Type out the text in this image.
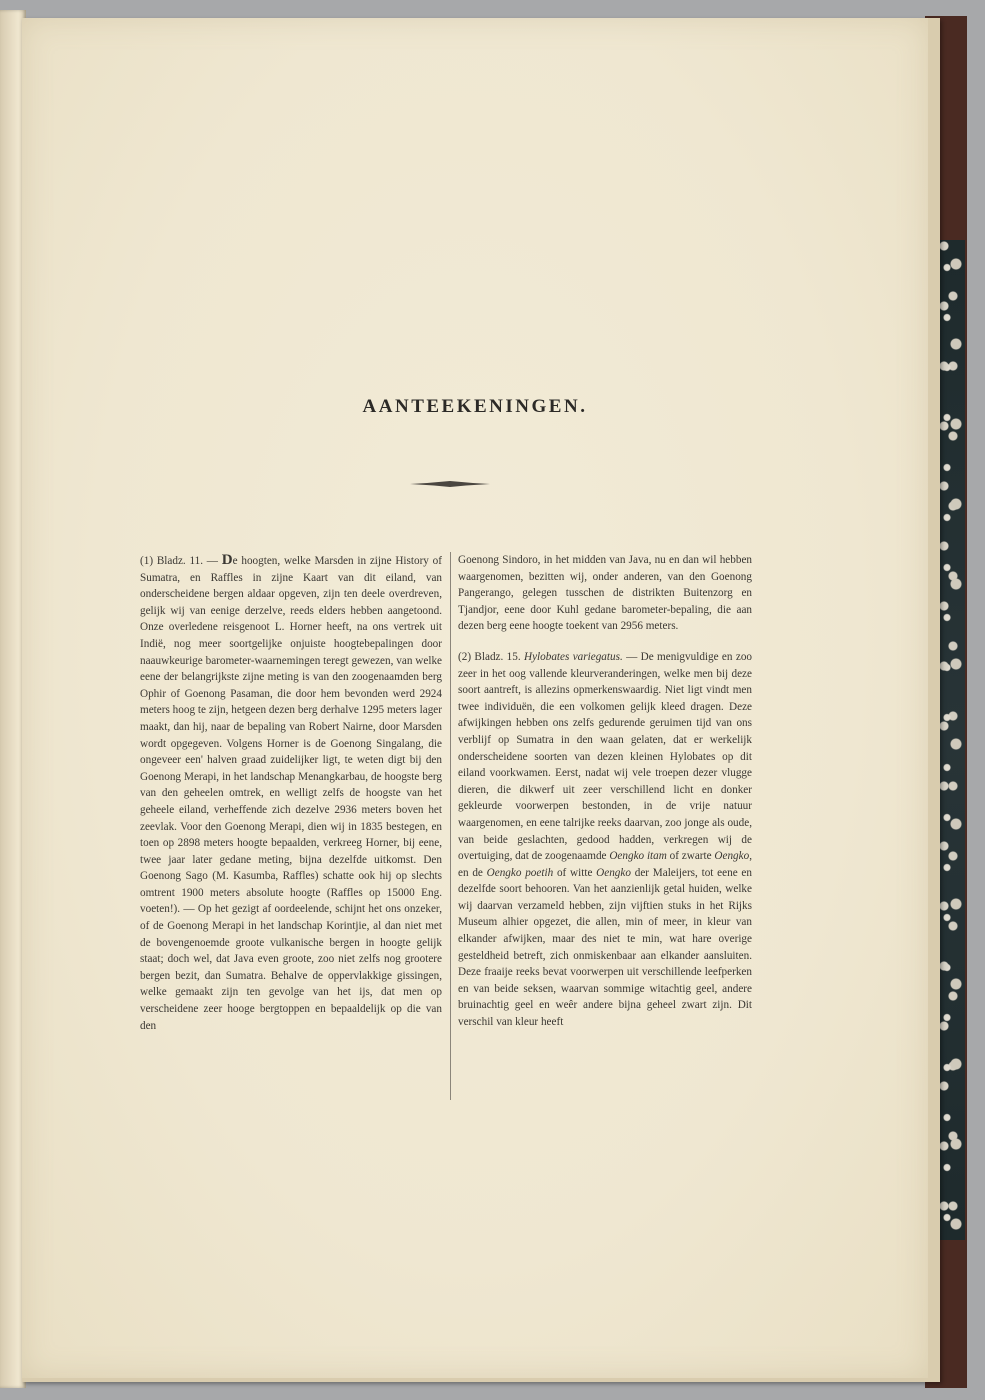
AANTEEKENINGEN.

(1) Bladz. 11. — De hoogten, welke Marsden in zijne History of Sumatra, en Raffles in zijne Kaart van dit eiland, van onderscheidene bergen aldaar opgeven, zijn ten deele overdreven, gelijk wij van eenige derzelve, reeds elders hebben aangetoond. Onze overledene reisgenoot L. Horner heeft, na ons vertrek uit Indië, nog meer soortgelijke onjuiste hoogtebepalingen door naauwkeurige barometer-waarnemingen teregt gewezen, van welke eene der belangrijkste zijne meting is van den zoogenaamden berg Ophir of Goenong Pasaman, die door hem bevonden werd 2924 meters hoog te zijn, hetgeen dezen berg derhalve 1295 meters lager maakt, dan hij, naar de bepaling van Robert Nairne, door Marsden wordt opgegeven. Volgens Horner is de Goenong Singalang, die ongeveer een' halven graad zuidelijker ligt, te weten digt bij den Goenong Merapi, in het landschap Menangkarbau, de hoogste berg van den geheelen omtrek, en welligt zelfs de hoogste van het geheele eiland, verheffende zich dezelve 2936 meters boven het zeevlak. Voor den Goenong Merapi, dien wij in 1835 bestegen, en toen op 2898 meters hoogte bepaalden, verkreeg Horner, bij eene, twee jaar later gedane meting, bijna dezelfde uitkomst. Den Goenong Sago (M. Kasumba, Raffles) schatte ook hij op slechts omtrent 1900 meters absolute hoogte (Raffles op 15000 Eng. voeten!). — Op het gezigt af oordeelende, schijnt het ons onzeker, of de Goenong Merapi in het landschap Korintjie, al dan niet met de bovengenoemde groote vulkanische bergen in hoogte gelijk staat; doch wel, dat Java even groote, zoo niet zelfs nog grootere bergen bezit, dan Sumatra. Behalve de oppervlakkige gissingen, welke gemaakt zijn ten gevolge van het ijs, dat men op verscheidene zeer hooge bergtoppen en bepaaldelijk op die van den

Goenong Sindoro, in het midden van Java, nu en dan wil hebben waargenomen, bezitten wij, onder anderen, van den Goenong Pangerango, gelegen tusschen de distrikten Buitenzorg en Tjandjor, eene door Kuhl gedane barometer-bepaling, die aan dezen berg eene hoogte toekent van 2956 meters.

(2) Bladz. 15. Hylobates variegatus. — De menigvuldige en zoo zeer in het oog vallende kleurveranderingen, welke men bij deze soort aantreft, is allezins opmerkenswaardig. Niet ligt vindt men twee individuën, die een volkomen gelijk kleed dragen. Deze afwijkingen hebben ons zelfs gedurende geruimen tijd van ons verblijf op Sumatra in den waan gelaten, dat er werkelijk onderscheidene soorten van dezen kleinen Hylobates op dit eiland voorkwamen. Eerst, nadat wij vele troepen dezer vlugge dieren, die dikwerf uit zeer verschillend licht en donker gekleurde voorwerpen bestonden, in de vrije natuur waargenomen, en eene talrijke reeks daarvan, zoo jonge als oude, van beide geslachten, gedood hadden, verkregen wij de overtuiging, dat de zoogenaamde Oengko itam of zwarte Oengko, en de Oengko poetih of witte Oengko der Maleijers, tot eene en dezelfde soort behooren. Van het aanzienlijk getal huiden, welke wij daarvan verzameld hebben, zijn vijftien stuks in het Rijks Museum alhier opgezet, die allen, min of meer, in kleur van elkander afwijken, maar des niet te min, wat hare overige gesteldheid betreft, zich onmiskenbaar aan elkander aansluiten. Deze fraaije reeks bevat voorwerpen uit verschillende leefperken en van beide seksen, waarvan sommige witachtig geel, andere bruinachtig geel en weêr andere bijna geheel zwart zijn. Dit verschil van kleur heeft
